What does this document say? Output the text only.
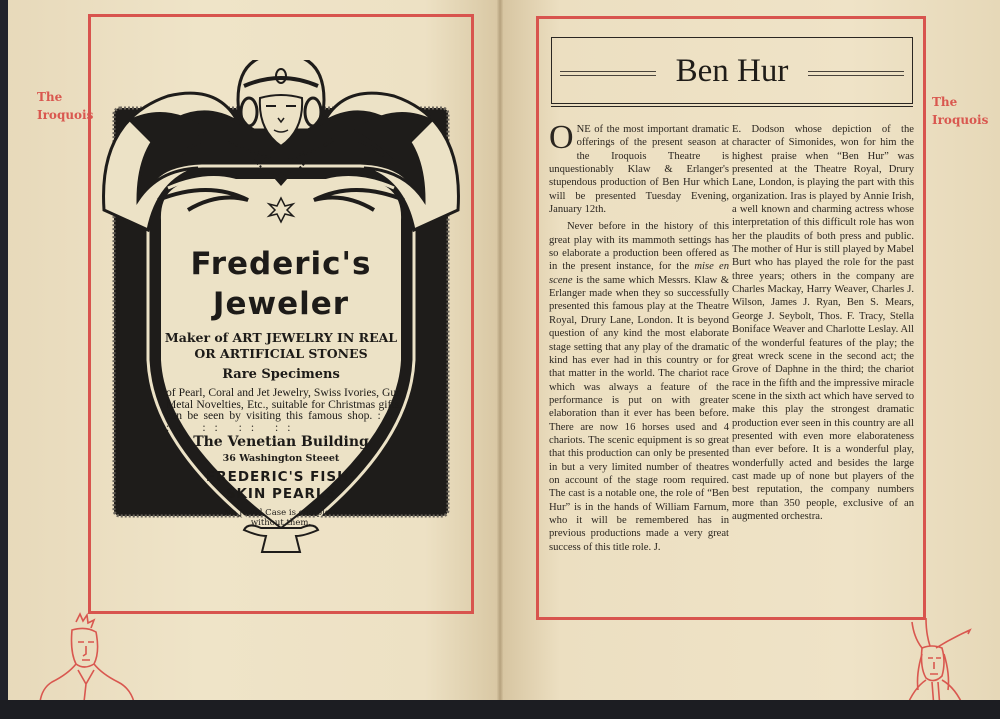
The
Iroquois
The
Iroquois
Frederic's
Jeweler
Maker of ART JEWELRY IN REAL
OR ARTIFICIAL STONES
Rare Specimens
of Pearl, Coral and Jet Jewelry, Swiss Ivories, Gun Metal Novelties, Etc., suitable for Christmas gifts, can be seen by visiting this famous shop. :: :: :: :: ::
The Venetian Building
36 Washington Steeet
FREDERIC'S FISH-
SKIN PEARLS
No Jewel Case is complete
without them.
Ben Hur

ONE of the most important dramatic offerings of the present season at the Iroquois Theatre is unquestionably Klaw & Erlanger's stupendous production of Ben Hur which will be presented Tuesday Evening, January 12th.

Never before in the history of this great play with its mammoth settings has so elaborate a production been offered as in the present instance, for the mise en scene is the same which Messrs. Klaw & Erlanger made when they so successfully presented this famous play at the Theatre Royal, Drury Lane, London. It is beyond question of any kind the most elaborate stage setting that any play of the dramatic kind has ever had in this country or for that matter in the world. The chariot race which was always a feature of the performance is put on with greater elaboration than it ever has been before. There are now 16 horses used and 4 chariots. The scenic equipment is so great that this production can only be presented in but a very limited number of theatres on account of the stage room required. The cast is a notable one, the role of “Ben Hur” is in the hands of William Farnum, who it will be remembered has in previous productions made a very great success of this title role. J.

E. Dodson whose depiction of the character of Simonides, won for him the highest praise when “Ben Hur” was presented at the Theatre Royal, Drury Lane, London, is playing the part with this organization. Iras is played by Annie Irish, a well known and charming actress whose interpretation of this difficult role has won her the plaudits of both press and public. The mother of Hur is still played by Mabel Burt who has played the role for the past three years; others in the company are Charles Mackay, Harry Weaver, Charles J. Wilson, James J. Ryan, Ben S. Mears, George J. Seybolt, Thos. F. Tracy, Stella Boniface Weaver and Charlotte Leslay. All of the wonderful features of the play; the great wreck scene in the second act; the Grove of Daphne in the third; the chariot race in the fifth and the impressive miracle scene in the sixth act which have served to make this play the strongest dramatic production ever seen in this country are all presented with even more elaborateness than ever before. It is a wonderful play, wonderfully acted and besides the large cast made up of none but players of the best reputation, the company numbers more than 350 people, exclusive of an augmented orchestra.
